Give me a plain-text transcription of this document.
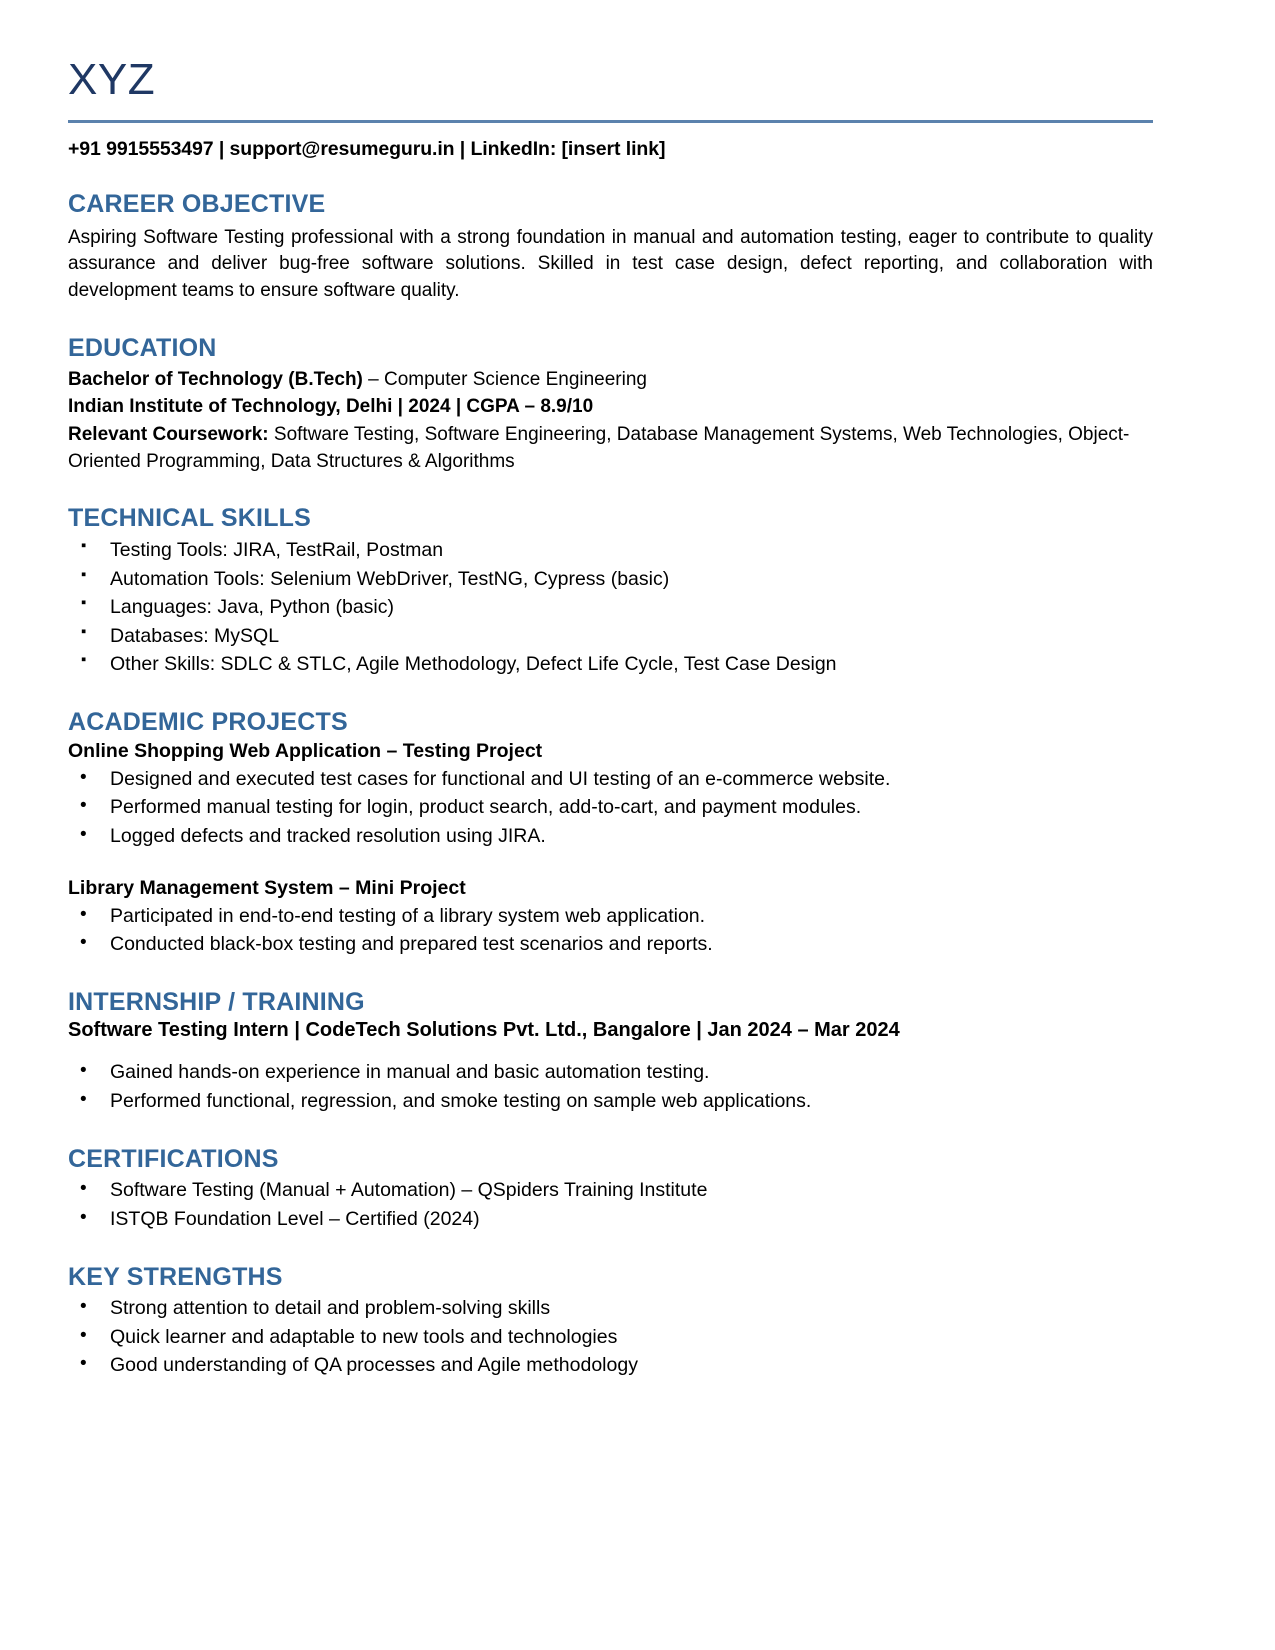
XYZ
+91 9915553497 | support@resumeguru.in | LinkedIn: [insert link]
CAREER OBJECTIVE

Aspiring Software Testing professional with a strong foundation in manual and automation testing, eager to contribute to quality assurance and deliver bug-free software solutions. Skilled in test case design, defect reporting, and collaboration with development teams to ensure software quality.

EDUCATION
Bachelor of Technology (B.Tech) – Computer Science Engineering
Indian Institute of Technology, Delhi | 2024 | CGPA – 8.9/10
Relevant Coursework: Software Testing, Software Engineering, Database Management Systems, Web Technologies, Object-Oriented Programming, Data Structures & Algorithms
TECHNICAL SKILLS
▪ Testing Tools: JIRA, TestRail, Postman
▪ Automation Tools: Selenium WebDriver, TestNG, Cypress (basic)
▪ Languages: Java, Python (basic)
▪ Databases: MySQL
▪ Other Skills: SDLC & STLC, Agile Methodology, Defect Life Cycle, Test Case Design
ACADEMIC PROJECTS
Online Shopping Web Application – Testing Project
• Designed and executed test cases for functional and UI testing of an e-commerce website.
• Performed manual testing for login, product search, add-to-cart, and payment modules.
• Logged defects and tracked resolution using JIRA.
Library Management System – Mini Project
• Participated in end-to-end testing of a library system web application.
• Conducted black-box testing and prepared test scenarios and reports.
INTERNSHIP / TRAINING
Software Testing Intern | CodeTech Solutions Pvt. Ltd., Bangalore | Jan 2024 – Mar 2024
• Gained hands-on experience in manual and basic automation testing.
• Performed functional, regression, and smoke testing on sample web applications.
CERTIFICATIONS
• Software Testing (Manual + Automation) – QSpiders Training Institute
• ISTQB Foundation Level – Certified (2024)
KEY STRENGTHS
• Strong attention to detail and problem-solving skills
• Quick learner and adaptable to new tools and technologies
• Good understanding of QA processes and Agile methodology
